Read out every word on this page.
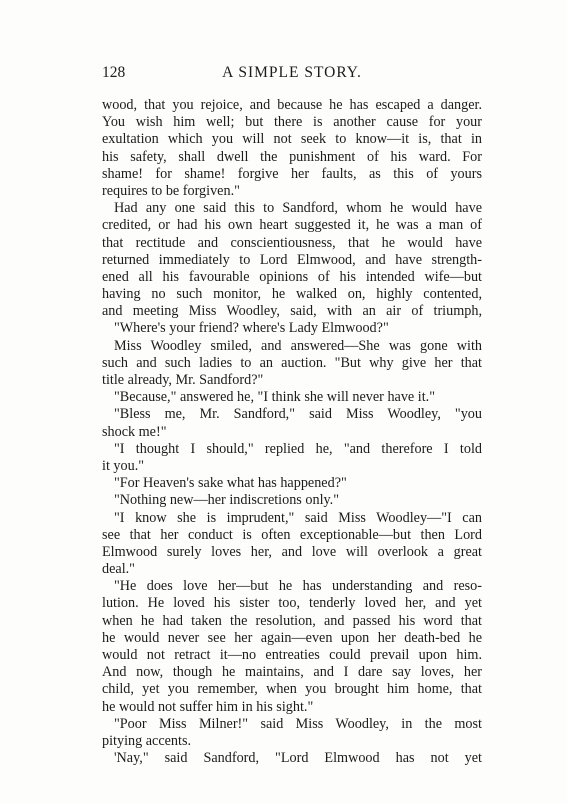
128	A SIMPLE STORY.
wood, that you rejoice, and because he has escaped a danger.
You wish him well; but there is another cause for your
exultation which you will not seek to know—it is, that in
his safety, shall dwell the punishment of his ward. For
shame! for shame! forgive her faults, as this of yours
requires to be forgiven."
Had any one said this to Sandford, whom he would have
credited, or had his own heart suggested it, he was a man of
that rectitude and conscientiousness, that he would have
returned immediately to Lord Elmwood, and have strength-
ened all his favourable opinions of his intended wife—but
having no such monitor, he walked on, highly contented,
and meeting Miss Woodley, said, with an air of triumph,
"Where's your friend? where's Lady Elmwood?"
Miss Woodley smiled, and answered—She was gone with
such and such ladies to an auction. "But why give her that
title already, Mr. Sandford?"
"Because," answered he, "I think she will never have it."
"Bless me, Mr. Sandford," said Miss Woodley, "you
shock me!"
"I thought I should," replied he, "and therefore I told
it you."
"For Heaven's sake what has happened?"
"Nothing new—her indiscretions only."
"I know she is imprudent," said Miss Woodley—"I can
see that her conduct is often exceptionable—but then Lord
Elmwood surely loves her, and love will overlook a great
deal."
"He does love her—but he has understanding and reso-
lution. He loved his sister too, tenderly loved her, and yet
when he had taken the resolution, and passed his word that
he would never see her again—even upon her death-bed he
would not retract it—no entreaties could prevail upon him.
And now, though he maintains, and I dare say loves, her
child, yet you remember, when you brought him home, that
he would not suffer him in his sight."
"Poor Miss Milner!" said Miss Woodley, in the most
pitying accents.
'Nay," said Sandford, "Lord Elmwood has not yet
